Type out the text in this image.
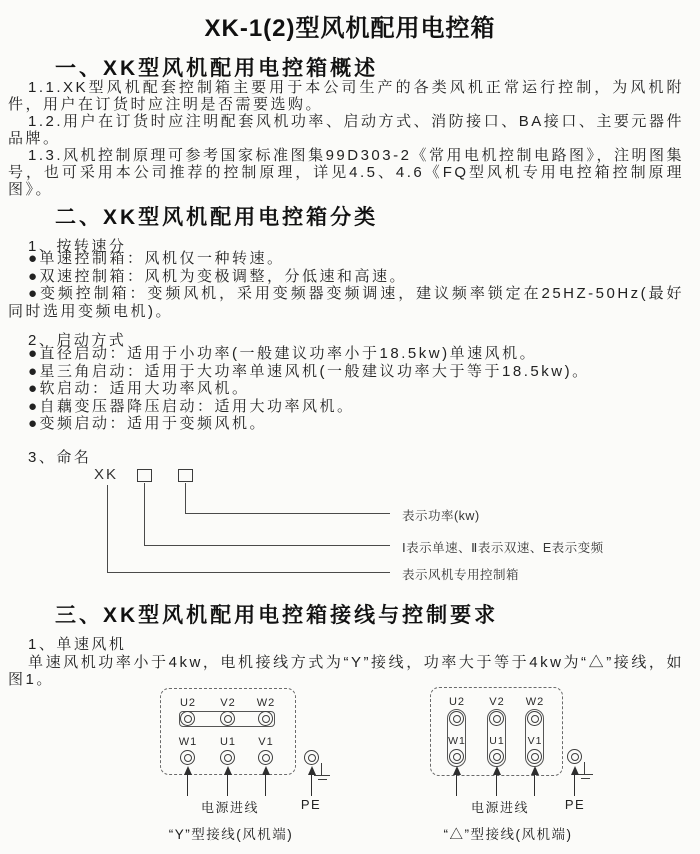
XK-1(2)型风机配用电控箱
一、XK型风机配用电控箱概述

1.1.XK型风机配套控制箱主要用于本公司生产的各类风机正常运行控制，为风机附件，用户在订货时应注明是否需要选购。

1.2.用户在订货时应注明配套风机功率、启动方式、消防接口、BA接口、主要元器件品牌。

1.3.风机控制原理可参考国家标准图集99D303-2《常用电机控制电路图》，注明图集号，也可采用本公司推荐的控制原理，详见4.5、4.6《FQ型风机专用电控箱控制原理图》。

二、XK型风机配用电控箱分类
1、按转速分

●单速控制箱：风机仅一种转速。

●双速控制箱：风机为变极调整，分低速和高速。

●变频控制箱：变频风机，采用变频器变频调速，建议频率锁定在25HZ-50Hz(最好同时选用变频电机)。

2、启动方式

●直径启动：适用于小功率(一般建议功率小于18.5kw)单速风机。

●星三角启动：适用于大功率单速风机(一般建议功率大于等于18.5kw)。

●软启动：适用大功率风机。

●自藕变压器降压启动：适用大功率风机。

●变频启动：适用于变频风机。

3、命名
XK
表示功率(kw)
Ⅰ表示单速、Ⅱ表示双速、E表示变频
表示风机专用控制箱
三、XK型风机配用电控箱接线与控制要求
1、单速风机

单速风机功率小于4kw，电机接线方式为“Y”接线，功率大于等于4kw为“△”接线，如图1。

U2	V2	W2
W1	U1	V1
电源进线	PE
“Y”型接线(风机端)
U2	V2	W2
W1	U1	V1
电源进线	PE
“△”型接线(风机端)
